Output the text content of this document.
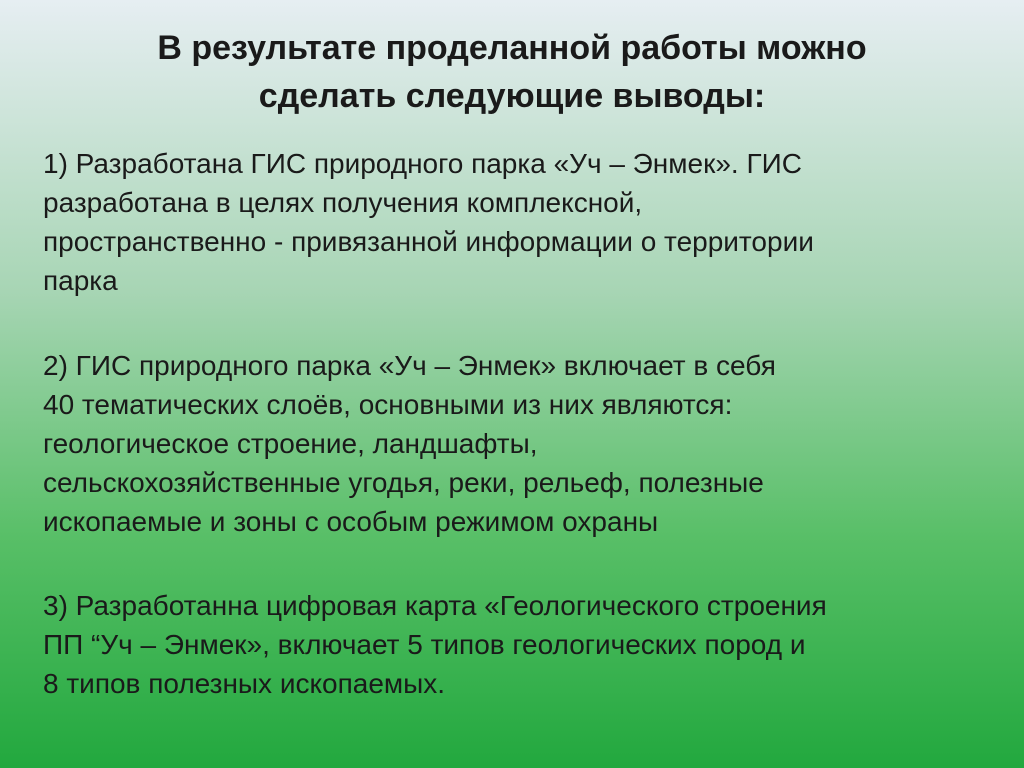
В результате проделанной работы можно
сделать следующие выводы:
1) Разработана ГИС природного парка «Уч – Энмек». ГИС
разработана в целях получения комплексной,
пространственно - привязанной информации о территории
парка
2) ГИС природного парка «Уч – Энмек» включает в себя
40 тематических слоёв, основными из них являются:
геологическое строение, ландшафты,
сельскохозяйственные угодья, реки, рельеф, полезные
ископаемые и зоны с особым режимом охраны
3) Разработанна цифровая карта «Геологического строения
ПП “Уч – Энмек», включает 5 типов геологических пород и
8 типов полезных ископаемых.
